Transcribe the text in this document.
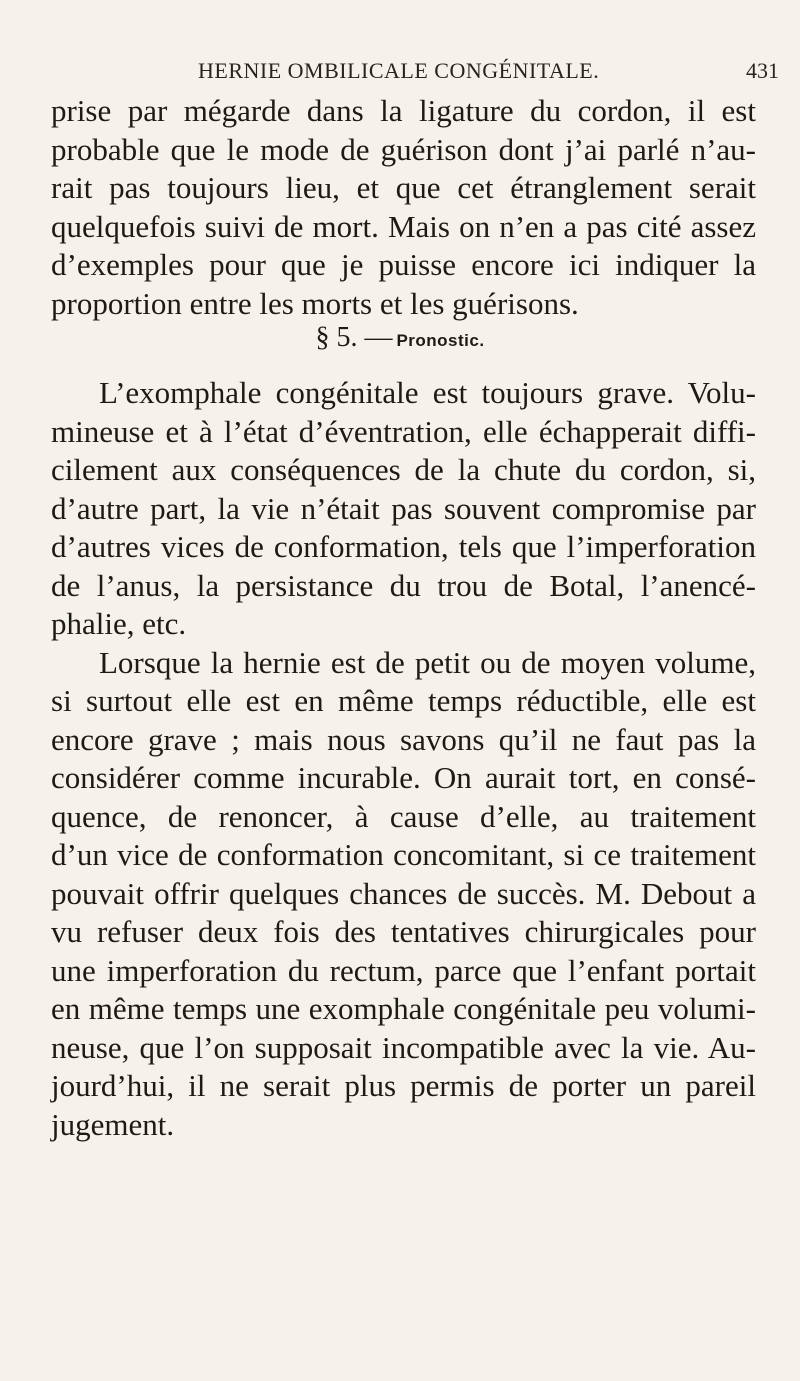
HERNIE OMBILICALE CONGÉNITALE.	431
prise par mégarde dans la ligature du cordon, il est
probable que le mode de guérison dont j’ai parlé n’au-
rait pas toujours lieu, et que cet étranglement serait
quelquefois suivi de mort. Mais on n’en a pas cité assez
d’exemples pour que je puisse encore ici indiquer la
proportion entre les morts et les guérisons.
§ 5. — Pronostic.
L’exomphale congénitale est toujours grave. Volu-
mineuse et à l’état d’éventration, elle échapperait diffi-
cilement aux conséquences de la chute du cordon, si,
d’autre part, la vie n’était pas souvent compromise par
d’autres vices de conformation, tels que l’imperforation
de l’anus, la persistance du trou de Botal, l’anencé-
phalie, etc.
Lorsque la hernie est de petit ou de moyen volume,
si surtout elle est en même temps réductible, elle est
encore grave ; mais nous savons qu’il ne faut pas la
considérer comme incurable. On aurait tort, en consé-
quence, de renoncer, à cause d’elle, au traitement
d’un vice de conformation concomitant, si ce traitement
pouvait offrir quelques chances de succès. M. Debout a
vu refuser deux fois des tentatives chirurgicales pour
une imperforation du rectum, parce que l’enfant portait
en même temps une exomphale congénitale peu volumi-
neuse, que l’on supposait incompatible avec la vie. Au-
jourd’hui, il ne serait plus permis de porter un pareil
jugement.
